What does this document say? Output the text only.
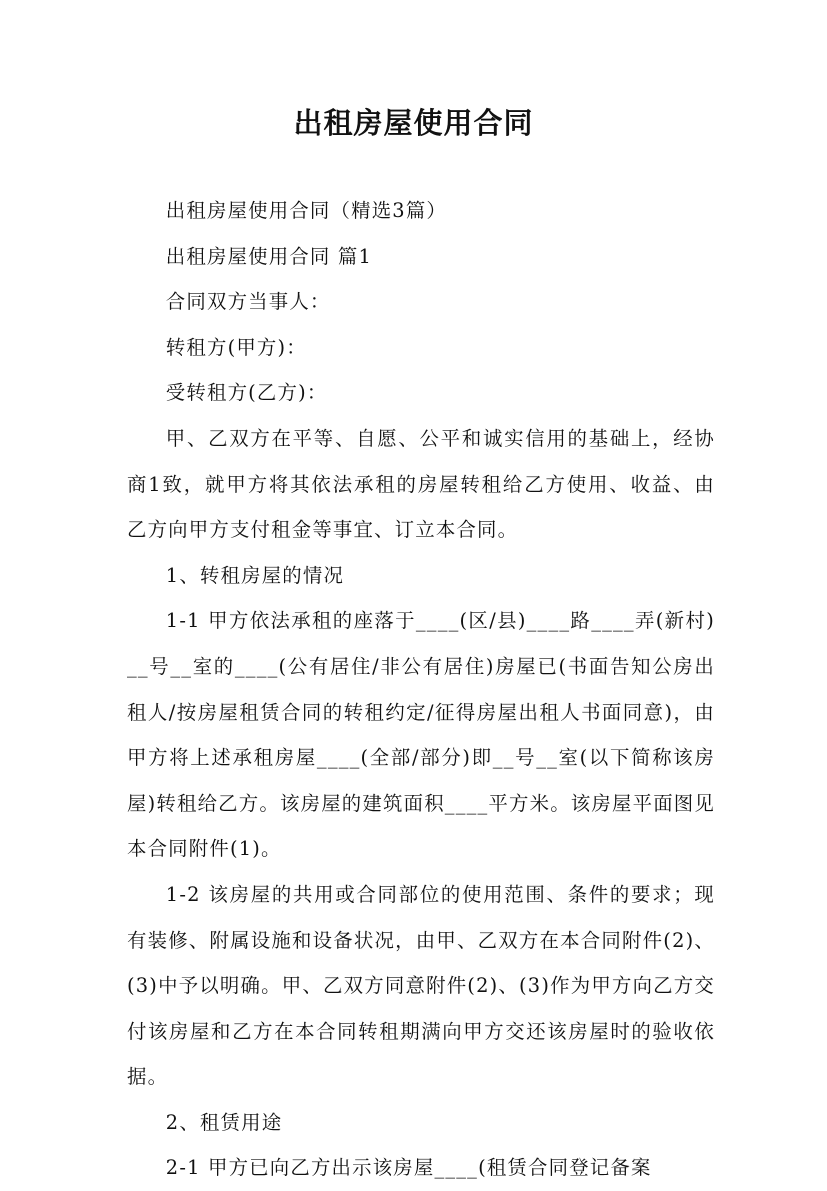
出租房屋使用合同

出租房屋使用合同（精选3篇）

出租房屋使用合同 篇1

合同双方当事人：

转租方(甲方)：

受转租方(乙方)：

甲、乙双方在平等、自愿、公平和诚实信用的基础上，经协商1致，就甲方将其依法承租的房屋转租给乙方使用、收益、由乙方向甲方支付租金等事宜、订立本合同。

1、转租房屋的情况

1-1 甲方依法承租的座落于____(区/县)____路____弄(新村)__号__室的____(公有居住/非公有居住)房屋已(书面告知公房出租人/按房屋租赁合同的转租约定/征得房屋出租人书面同意)，由甲方将上述承租房屋____(全部/部分)即__号__室(以下简称该房屋)转租给乙方。该房屋的建筑面积____平方米。该房屋平面图见本合同附件(1)。

1-2 该房屋的共用或合同部位的使用范围、条件的要求；现有装修、附属设施和设备状况，由甲、乙双方在本合同附件(2)、(3)中予以明确。甲、乙双方同意附件(2)、(3)作为甲方向乙方交付该房屋和乙方在本合同转租期满向甲方交还该房屋时的验收依据。

2、租赁用途

2-1 甲方已向乙方出示该房屋____(租赁合同登记备案
